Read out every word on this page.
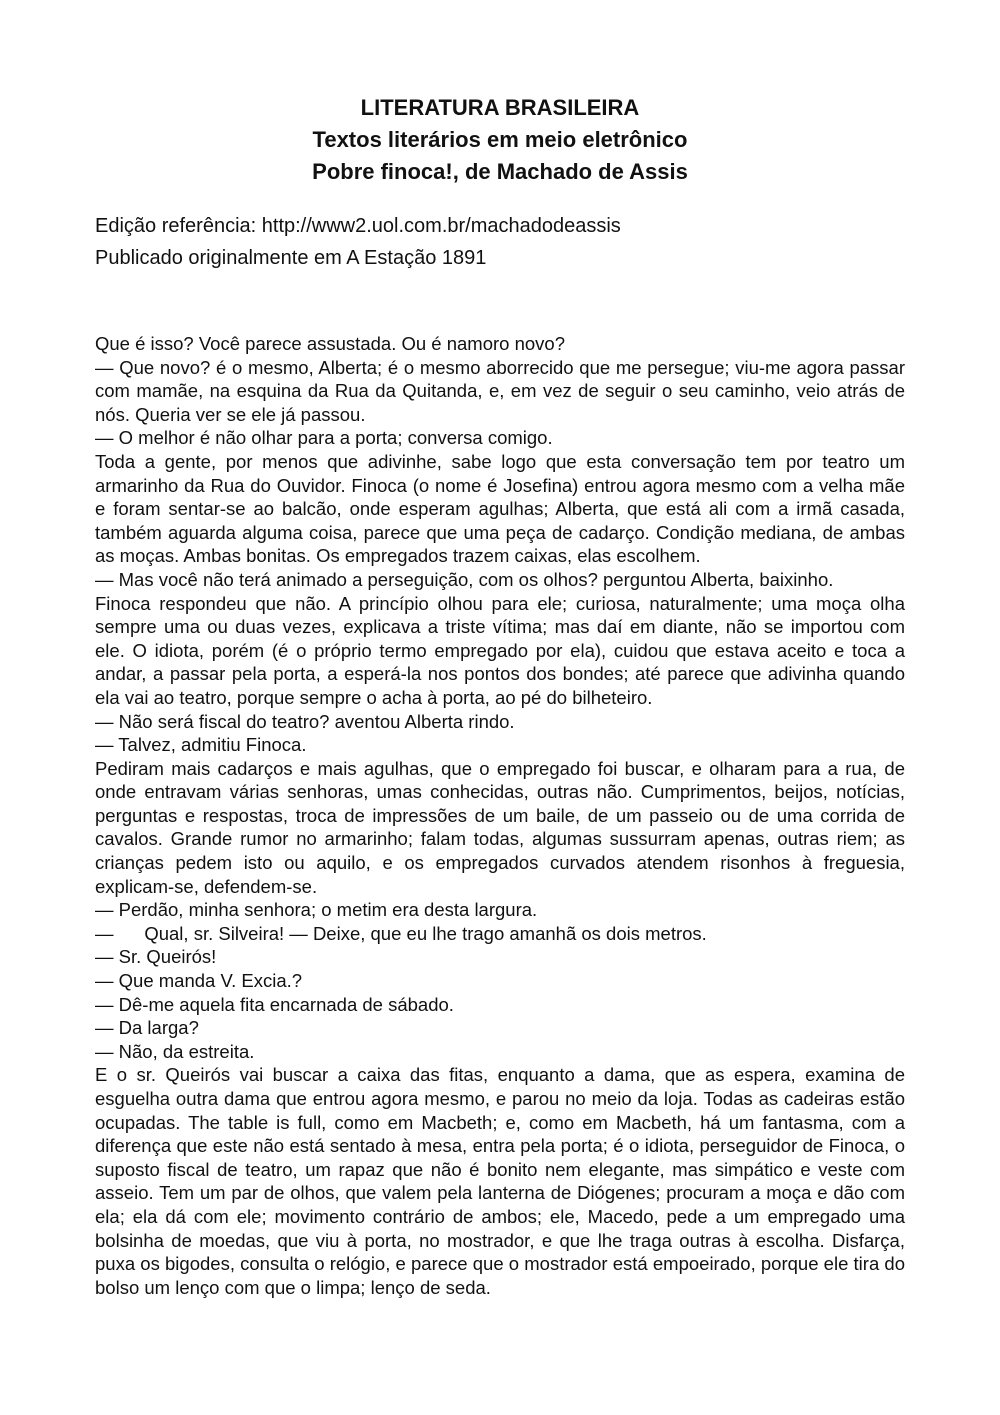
LITERATURA BRASILEIRA
Textos literários em meio eletrônico
Pobre finoca!, de Machado de Assis

Edição referência: http://www2.uol.com.br/machadodeassis

Publicado originalmente em A Estação 1891

Que é isso? Você parece assustada. Ou é namoro novo?

— Que novo? é o mesmo, Alberta; é o mesmo aborrecido que me persegue; viu-me agora passar com mamãe, na esquina da Rua da Quitanda, e, em vez de seguir o seu caminho, veio atrás de nós. Queria ver se ele já passou.

— O melhor é não olhar para a porta; conversa comigo.

Toda a gente, por menos que adivinhe, sabe logo que esta conversação tem por teatro um armarinho da Rua do Ouvidor. Finoca (o nome é Josefina) entrou agora mesmo com a velha mãe e foram sentar-se ao balcão, onde esperam agulhas; Alberta, que está ali com a irmã casada, também aguarda alguma coisa, parece que uma peça de cadarço. Condição mediana, de ambas as moças. Ambas bonitas. Os empregados trazem caixas, elas escolhem.

— Mas você não terá animado a perseguição, com os olhos? perguntou Alberta, baixinho.

Finoca respondeu que não. A princípio olhou para ele; curiosa, naturalmente; uma moça olha sempre uma ou duas vezes, explicava a triste vítima; mas daí em diante, não se importou com ele. O idiota, porém (é o próprio termo empregado por ela), cuidou que estava aceito e toca a andar, a passar pela porta, a esperá-la nos pontos dos bondes; até parece que adivinha quando ela vai ao teatro, porque sempre o acha à porta, ao pé do bilheteiro.

— Não será fiscal do teatro? aventou Alberta rindo.

— Talvez, admitiu Finoca.

Pediram mais cadarços e mais agulhas, que o empregado foi buscar, e olharam para a rua, de onde entravam várias senhoras, umas conhecidas, outras não. Cumprimentos, beijos, notícias, perguntas e respostas, troca de impressões de um baile, de um passeio ou de uma corrida de cavalos. Grande rumor no armarinho; falam todas, algumas sussurram apenas, outras riem; as crianças pedem isto ou aquilo, e os empregados curvados atendem risonhos à freguesia, explicam-se, defendem-se.

— Perdão, minha senhora; o metim era desta largura.

—      Qual, sr. Silveira! — Deixe, que eu lhe trago amanhã os dois metros.

— Sr. Queirós!

— Que manda V. Excia.?

— Dê-me aquela fita encarnada de sábado.

— Da larga?

— Não, da estreita.

E o sr. Queirós vai buscar a caixa das fitas, enquanto a dama, que as espera, examina de esguelha outra dama que entrou agora mesmo, e parou no meio da loja. Todas as cadeiras estão ocupadas. The table is full, como em Macbeth; e, como em Macbeth, há um fantasma, com a diferença que este não está sentado à mesa, entra pela porta; é o idiota, perseguidor de Finoca, o suposto fiscal de teatro, um rapaz que não é bonito nem elegante, mas simpático e veste com asseio. Tem um par de olhos, que valem pela lanterna de Diógenes; procuram a moça e dão com ela; ela dá com ele; movimento contrário de ambos; ele, Macedo, pede a um empregado uma bolsinha de moedas, que viu à porta, no mostrador, e que lhe traga outras à escolha. Disfarça, puxa os bigodes, consulta o relógio, e parece que o mostrador está empoeirado, porque ele tira do bolso um lenço com que o limpa; lenço de seda.
